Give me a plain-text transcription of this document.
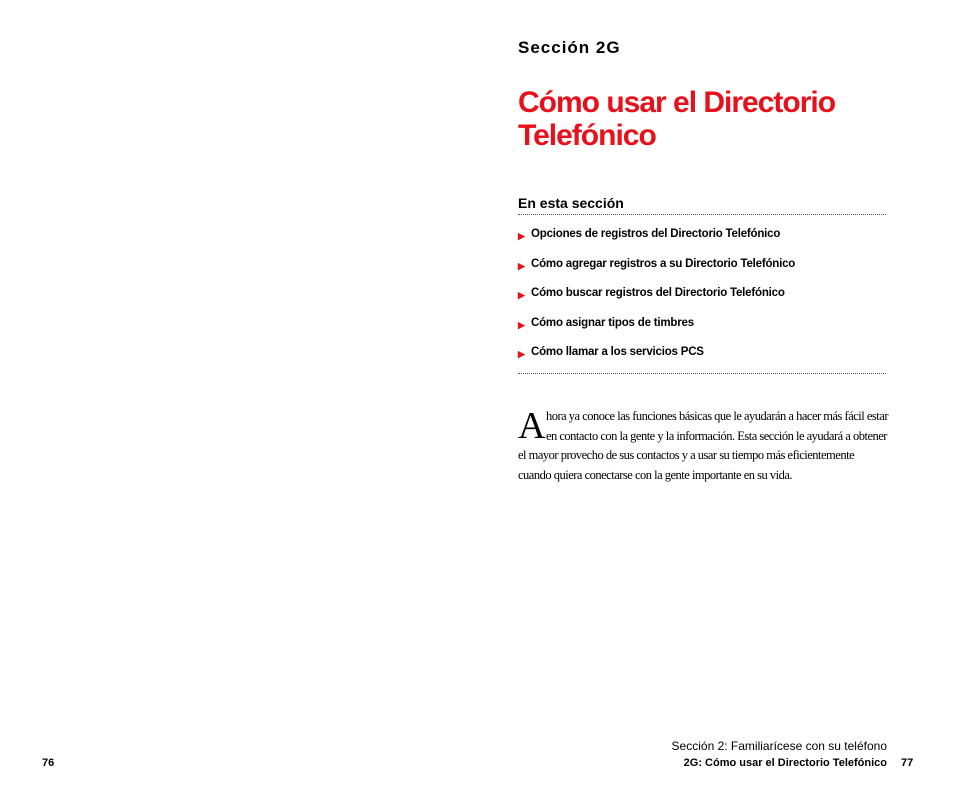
Sección 2G
Cómo usar el Directorio
Telefónico
En esta sección
▶ Opciones de registros del Directorio Telefónico
▶ Cómo agregar registros a su Directorio Telefónico
▶ Cómo buscar registros del Directorio Telefónico
▶ Cómo asignar tipos de timbres
▶ Cómo llamar a los servicios PCS
Ahora ya conoce las funciones básicas que le ayudarán a hacer más fácil estar en contacto con la gente y la información. Esta sección le ayudará a obtener el mayor provecho de sus contactos y a usar su tiempo más eficientemente cuando quiera conectarse con la gente importante en su vida.
76
Sección 2: Familiarícese con su teléfono
2G: Cómo usar el Directorio Telefónico 77
